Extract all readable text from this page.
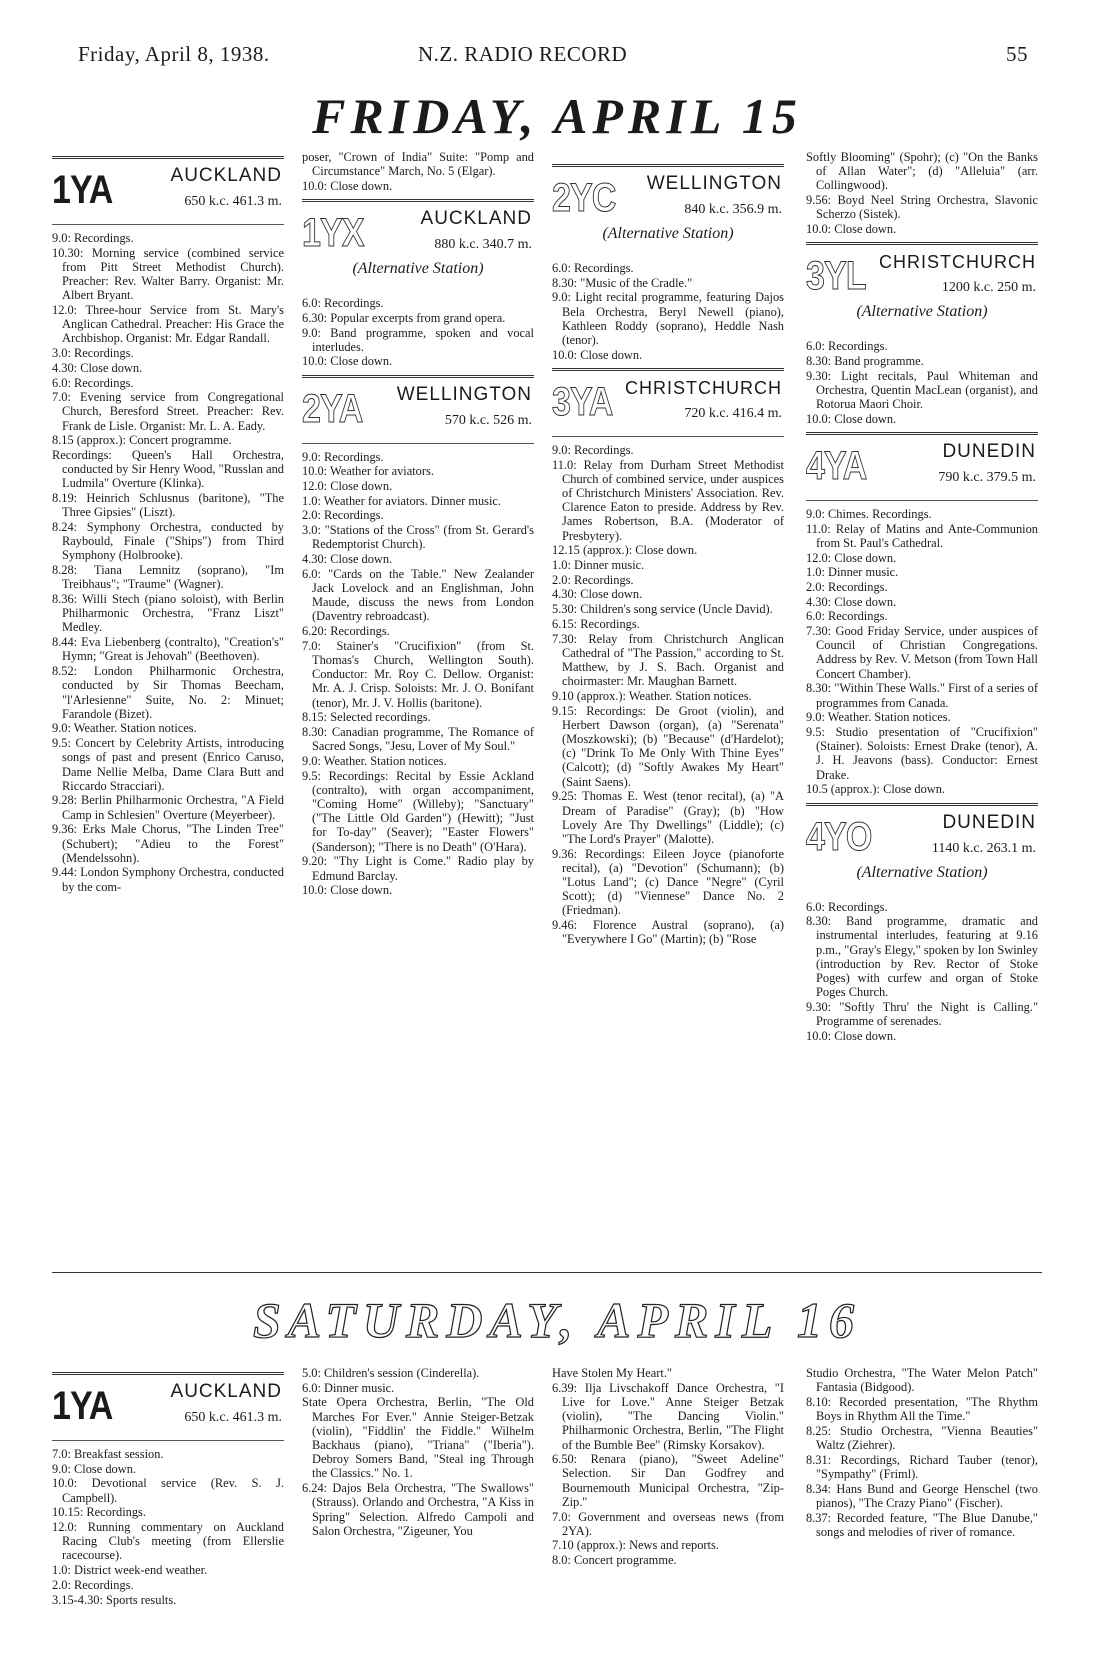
Friday, April 8, 1938.	N.Z. RADIO RECORD	55
FRIDAY, APRIL 15
1YA	AUCKLAND
650 k.c. 461.3 m.

9.0: Recordings.

10.30: Morning service (combined service from Pitt Street Methodist Church). Preacher: Rev. Walter Barry. Organist: Mr. Albert Bryant.

12.0: Three-hour Service from St. Mary's Anglican Cathedral. Preacher: His Grace the Archbishop. Organist: Mr. Edgar Randall.

3.0: Recordings.

4.30: Close down.

6.0: Recordings.

7.0: Evening service from Congregational Church, Beresford Street. Preacher: Rev. Frank de Lisle. Organist: Mr. L. A. Eady.

8.15 (approx.): Concert programme.

Recordings: Queen's Hall Orchestra, conducted by Sir Henry Wood, "Russlan and Ludmila" Overture (Klinka).

8.19: Heinrich Schlusnus (baritone), "The Three Gipsies" (Liszt).

8.24: Symphony Orchestra, conducted by Raybould, Finale ("Ships") from Third Symphony (Holbrooke).

8.28: Tiana Lemnitz (soprano), "Im Treibhaus"; "Traume" (Wagner).

8.36: Willi Stech (piano soloist), with Berlin Philharmonic Orchestra, "Franz Liszt" Medley.

8.44: Eva Liebenberg (contralto), "Creation's" Hymn; "Great is Jehovah" (Beethoven).

8.52: London Philharmonic Orchestra, conducted by Sir Thomas Beecham, "l'Arlesienne" Suite, No. 2: Minuet; Farandole (Bizet).

9.0: Weather. Station notices.

9.5: Concert by Celebrity Artists, introducing songs of past and present (Enrico Caruso, Dame Nellie Melba, Dame Clara Butt and Riccardo Stracciari).

9.28: Berlin Philharmonic Orchestra, "A Field Camp in Schlesien" Overture (Meyerbeer).

9.36: Erks Male Chorus, "The Linden Tree" (Schubert); "Adieu to the Forest" (Mendelssohn).

9.44: London Symphony Orchestra, conducted by the com-

poser, "Crown of India" Suite: "Pomp and Circumstance" March, No. 5 (Elgar).

10.0: Close down.

1YX	AUCKLAND
880 k.c. 340.7 m.
(Alternative Station)

6.0: Recordings.

6.30: Popular excerpts from grand opera.

9.0: Band programme, spoken and vocal interludes.

10.0: Close down.

2YA WELLINGTON
570 k.c. 526 m.

9.0: Recordings.

10.0: Weather for aviators.

12.0: Close down.

1.0: Weather for aviators. Dinner music.

2.0: Recordings.

3.0: "Stations of the Cross" (from St. Gerard's Redemptorist Church).

4.30: Close down.

6.0: "Cards on the Table." New Zealander Jack Lovelock and an Englishman, John Maude, discuss the news from London (Daventry rebroadcast).

6.20: Recordings.

7.0: Stainer's "Crucifixion" (from St. Thomas's Church, Wellington South). Conductor: Mr. Roy C. Dellow. Organist: Mr. A. J. Crisp. Soloists: Mr. J. O. Bonifant (tenor), Mr. J. V. Hollis (baritone).

8.15: Selected recordings.

8.30: Canadian programme, The Romance of Sacred Songs, "Jesu, Lover of My Soul."

9.0: Weather. Station notices.

9.5: Recordings: Recital by Essie Ackland (contralto), with organ accompaniment, "Coming Home" (Willeby); "Sanctuary" ("The Little Old Garden") (Hewitt); "Just for To-day" (Seaver); "Easter Flowers" (Sanderson); "There is no Death" (O'Hara).

9.20: "Thy Light is Come." Radio play by Edmund Barclay.

10.0: Close down.

2YC WELLINGTON
840 k.c. 356.9 m.
(Alternative Station)

6.0: Recordings.

8.30: "Music of the Cradle."

9.0: Light recital programme, featuring Dajos Bela Orchestra, Beryl Newell (piano), Kathleen Roddy (soprano), Heddle Nash (tenor).

10.0: Close down.

3YA CHRISTCHURCH
720 k.c. 416.4 m.

9.0: Recordings.

11.0: Relay from Durham Street Methodist Church of combined service, under auspices of Christchurch Ministers' Association. Rev. Clarence Eaton to preside. Address by Rev. James Robertson, B.A. (Moderator of Presbytery).

12.15 (approx.): Close down.

1.0: Dinner music.

2.0: Recordings.

4.30: Close down.

5.30: Children's song service (Uncle David).

6.15: Recordings.

7.30: Relay from Christchurch Anglican Cathedral of "The Passion," according to St. Matthew, by J. S. Bach. Organist and choirmaster: Mr. Maughan Barnett.

9.10 (approx.): Weather. Station notices.

9.15: Recordings: De Groot (violin), and Herbert Dawson (organ), (a) "Serenata" (Moszkowski); (b) "Because" (d'Hardelot); (c) "Drink To Me Only With Thine Eyes" (Calcott); (d) "Softly Awakes My Heart" (Saint Saens).

9.25: Thomas E. West (tenor recital), (a) "A Dream of Paradise" (Gray); (b) "How Lovely Are Thy Dwellings" (Liddle); (c) "The Lord's Prayer" (Malotte).

9.36: Recordings: Eileen Joyce (pianoforte recital), (a) "Devotion" (Schumann); (b) "Lotus Land"; (c) Dance "Negre" (Cyril Scott); (d) "Viennese" Dance No. 2 (Friedman).

9.46: Florence Austral (soprano), (a) "Everywhere I Go" (Martin); (b) "Rose

Softly Blooming" (Spohr); (c) "On the Banks of Allan Water"; (d) "Alleluia" (arr. Collingwood).

9.56: Boyd Neel String Orchestra, Slavonic Scherzo (Sistek).

10.0: Close down.

3YL CHRISTCHURCH
1200 k.c. 250 m.
(Alternative Station)

6.0: Recordings.

8.30: Band programme.

9.30: Light recitals, Paul Whiteman and Orchestra, Quentin MacLean (organist), and Rotorua Maori Choir.

10.0: Close down.

4YA	DUNEDIN
790 k.c. 379.5 m.

9.0: Chimes. Recordings.

11.0: Relay of Matins and Ante-Communion from St. Paul's Cathedral.

12.0: Close down.

1.0: Dinner music.

2.0: Recordings.

4.30: Close down.

6.0: Recordings.

7.30: Good Friday Service, under auspices of Council of Christian Congregations. Address by Rev. V. Metson (from Town Hall Concert Chamber).

8.30: "Within These Walls." First of a series of programmes from Canada.

9.0: Weather. Station notices.

9.5: Studio presentation of "Crucifixion" (Stainer). Soloists: Ernest Drake (tenor), A. J. H. Jeavons (bass). Conductor: Ernest Drake.

10.5 (approx.): Close down.

4YO	DUNEDIN
1140 k.c. 263.1 m.
(Alternative Station)

6.0: Recordings.

8.30: Band programme, dramatic and instrumental interludes, featuring at 9.16 p.m., "Gray's Elegy," spoken by Ion Swinley (introduction by Rev. Rector of Stoke Poges) with curfew and organ of Stoke Poges Church.

9.30: "Softly Thru' the Night is Calling." Programme of serenades.

10.0: Close down.

SATURDAY, APRIL 16
1YA	AUCKLAND
650 k.c. 461.3 m.

7.0: Breakfast session.

9.0: Close down.

10.0: Devotional service (Rev. S. J. Campbell).

10.15: Recordings.

12.0: Running commentary on Auckland Racing Club's meeting (from Ellerslie racecourse).

1.0: District week-end weather.

2.0: Recordings.

3.15-4.30: Sports results.

5.0: Children's session (Cinderella).

6.0: Dinner music.

State Opera Orchestra, Berlin, "The Old Marches For Ever." Annie Steiger-Betzak (violin), "Fiddlin' the Fiddle." Wilhelm Backhaus (piano), "Triana" ("Iberia"). Debroy Somers Band, "Steal ing Through the Classics." No. 1.

6.24: Dajos Bela Orchestra, "The Swallows" (Strauss). Orlando and Orchestra, "A Kiss in Spring" Selection. Alfredo Campoli and Salon Orchestra, "Zigeuner, You

Have Stolen My Heart."

6.39: Ilja Livschakoff Dance Orchestra, "I Live for Love." Anne Steiger Betzak (violin), "The Dancing Violin." Philharmonic Orchestra, Berlin, "The Flight of the Bumble Bee" (Rimsky Korsakov).

6.50: Renara (piano), "Sweet Adeline" Selection. Sir Dan Godfrey and Bournemouth Municipal Orchestra, "Zip-Zip."

7.0: Government and overseas news (from 2YA).

7.10 (approx.): News and reports.

8.0: Concert programme.

Studio Orchestra, "The Water Melon Patch" Fantasia (Bidgood).

8.10: Recorded presentation, "The Rhythm Boys in Rhythm All the Time."

8.25: Studio Orchestra, "Vienna Beauties" Waltz (Ziehrer).

8.31: Recordings, Richard Tauber (tenor), "Sympathy" (Friml).

8.34: Hans Bund and George Henschel (two pianos), "The Crazy Piano" (Fischer).

8.37: Recorded feature, "The Blue Danube," songs and melodies of river of romance.
